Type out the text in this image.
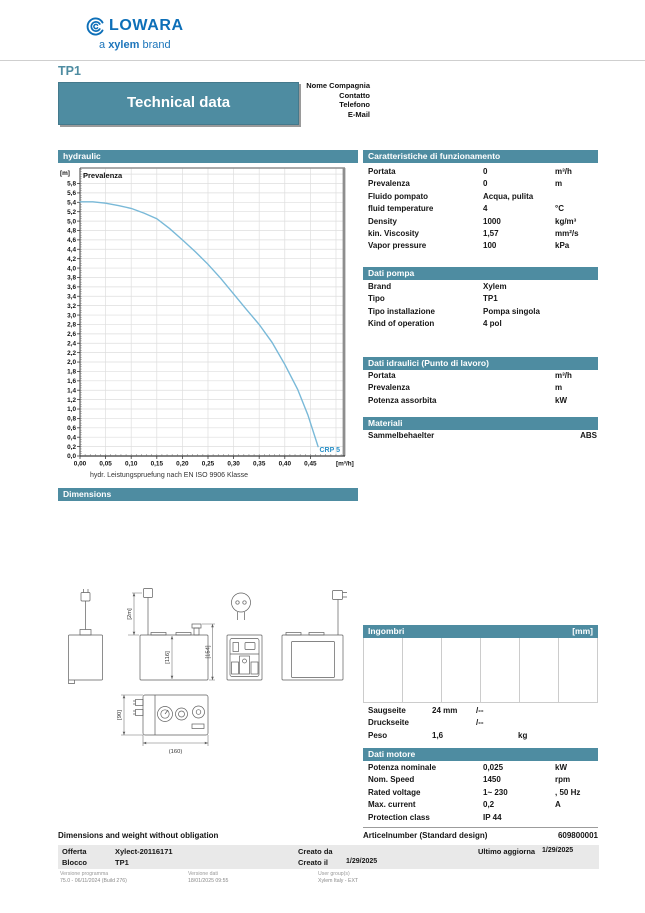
LOWARA
a xylem brand
TP1
Technical data
Nome Compagnia
Contatto
Telefono
E-Mail
hydraulic
0,00 0,05 0,10 0,15 0,20 0,25 0,30 0,35 0,40 0,45
0,0
0,2
0,4
0,6
0,8
1,0
1,2
1,4
1,6
1,8
2,0
2,2
2,4
2,6
2,8
3,0
3,2
3,4
3,6
3,8
4,0
4,2
4,4
4,6
4,8
5,0
5,2
5,4
5,6
5,8
[m³/h]
[m] Prevalenza
CRP 5
hydr. Leistungspruefung nach EN ISO 9906 Klasse
Caratteristiche di funzionamento
Portata	0	m³/h
Prevalenza	0	m
Fluido pompato	Acqua, pulita
fluid temperature	4	°C
Density	1000	kg/m³
kin. Viscosity	1,57	mm²/s
Vapor pressure	100	kPa
Dati pompa
Brand	Xylem
Tipo	TP1
Tipo installazione	Pompa singola
Kind of operation	4 pol
Dati idraulici (Punto di lavoro)
Portata	m³/h
Prevalenza	m
Potenza assorbita	kW
Materiali
Sammelbehaelter	ABS
Dimensions
[2m]
[116]	[154]
[90]
(160)
Ingombri	[mm]
Saugseite	24 mm	/--
Druckseite	/--
Peso	1,6	kg
Dati motore
Potenza nominale	0,025	kW
Nom. Speed	1450	rpm
Rated voltage	1~ 230	, 50 Hz
Max. current	0,2	A
Protection class	IP 44
Articelnumber (Standard design)	609800001
Dimensions and weight without obligation
Offerta	Xylect-20116171	Creato da	Ultimo aggiorna 1/29/2025
Blocco	TP1	Creato il	1/29/2025
Versione programma
75.0 - 06/11/2024 (Build 276)
Versione dati
18/01/2025 09:55
User group(s)
Xylem Italy - EXT
